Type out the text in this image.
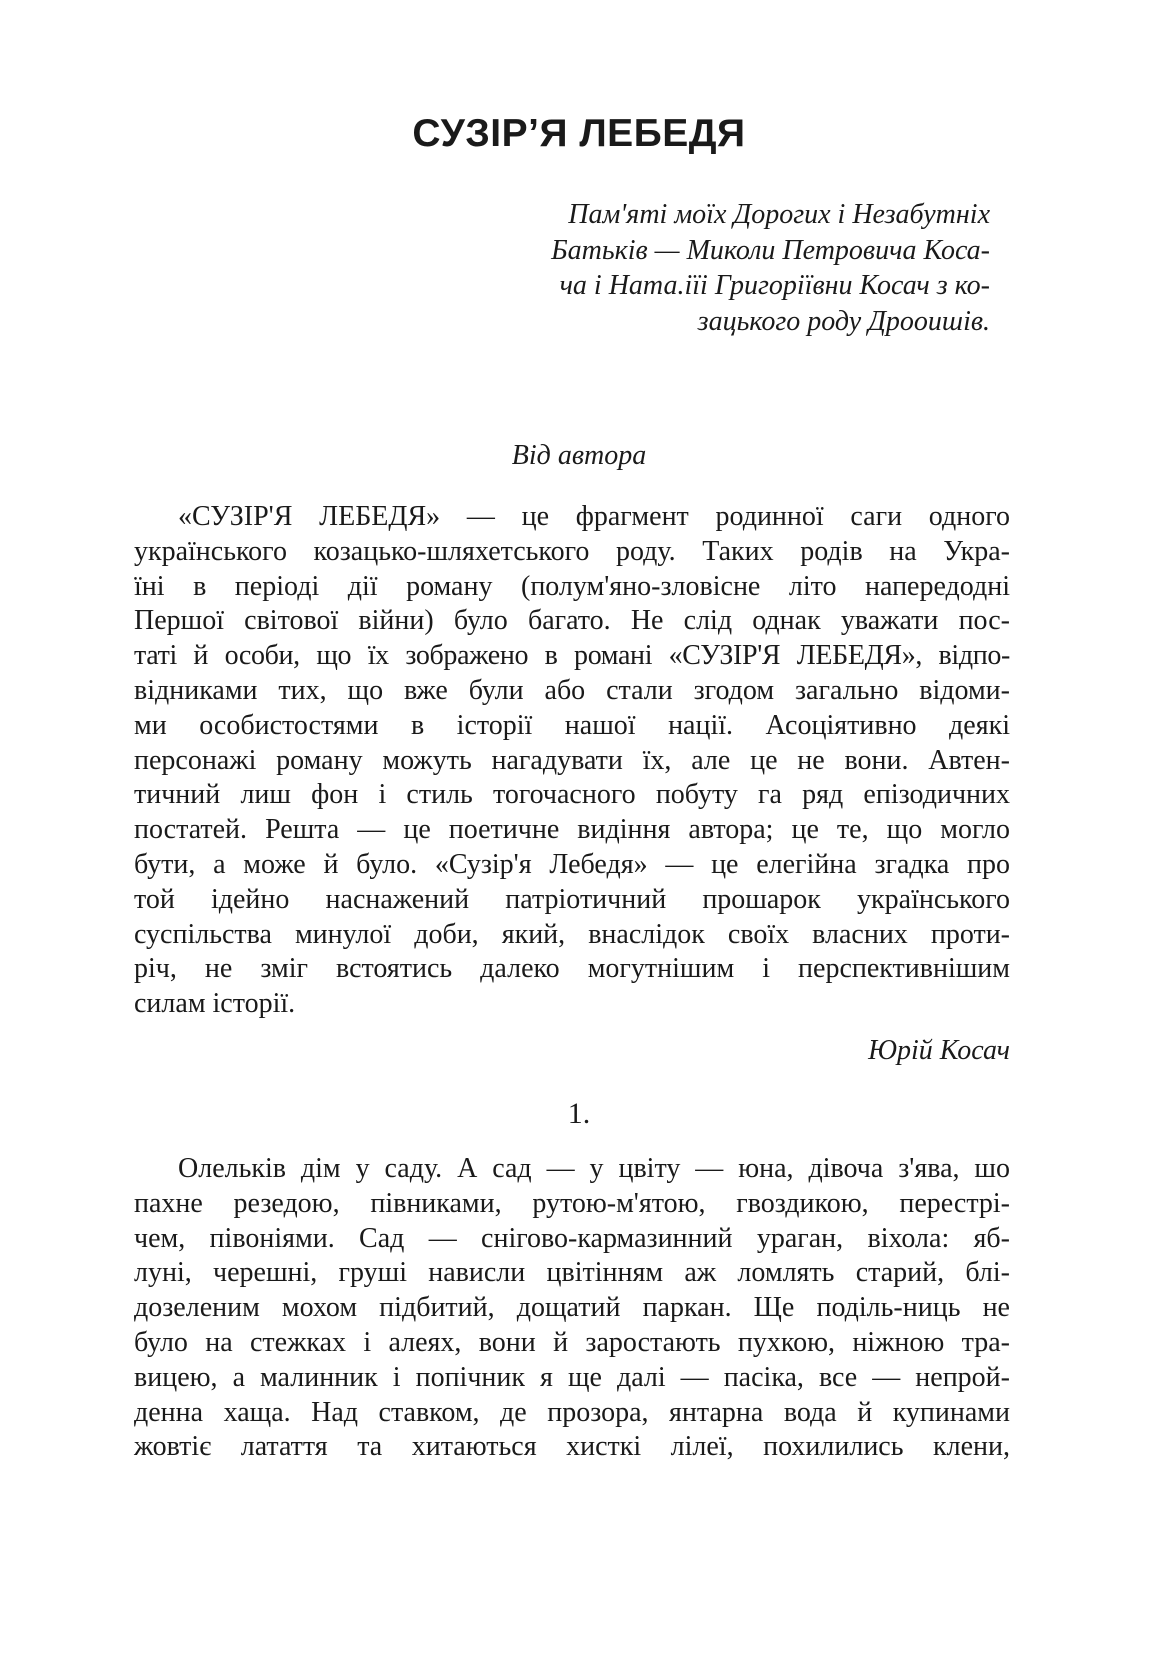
СУЗІР’Я ЛЕБЕДЯ
Пам'яті моїх Дорогих і Незабутніх
Батьків — Миколи Петровича Коса-
ча і Ната.іїі Григоріївни Косач з ко-
зацького роду Дрооишів.
Від автора
«СУЗІР'Я ЛЕБЕДЯ» — це фрагмент родинної саги одного
українського козацько-шляхетського роду. Таких родів на Укра-
їні в періоді дії роману (полум'яно-зловісне літо напередодні
Першої світової війни) було багато. Не слід однак уважати пос-
таті й особи, що їх зображено в романі «СУЗІР'Я ЛЕБЕДЯ», відпо-
відниками тих, що вже були або стали згодом загально відоми-
ми особистостями в історії нашої нації. Асоціятивно деякі
персонажі роману можуть нагадувати їх, але це не вони. Автен-
тичний лиш фон і стиль тогочасного побуту га ряд епізодичних
постатей. Решта — це поетичне видіння автора; це те, що могло
бути, а може й було. «Сузір'я Лебедя» — це елегійна згадка про
той ідейно наснажений патріотичний прошарок українського
суспільства минулої доби, який, внаслідок своїх власних проти-
річ, не зміг встоятись далеко могутнішим і перспективнішим
силам історії.
Юрій Косач
1.
Олельків дім у саду. А сад — у цвіту — юна, дівоча з'ява, шо
пахне резедою, півниками, рутою-м'ятою, гвоздикою, перестрі-
чем, півоніями. Сад — снігово-кармазинний ураган, віхола: яб-
луні, черешні, груші нависли цвітінням аж ломлять старий, блі-
дозеленим мохом підбитий, дощатий паркан. Ще поділь-ниць не
було на стежках і алеях, вони й заростають пухкою, ніжною тра-
вицею, а малинник і попічник я ще далі — пасіка, все — непрой-
денна хаща. Над ставком, де прозора, янтарна вода й купинами
жовтіє латаття та хитаються хисткі лілеї, похилились клени,
